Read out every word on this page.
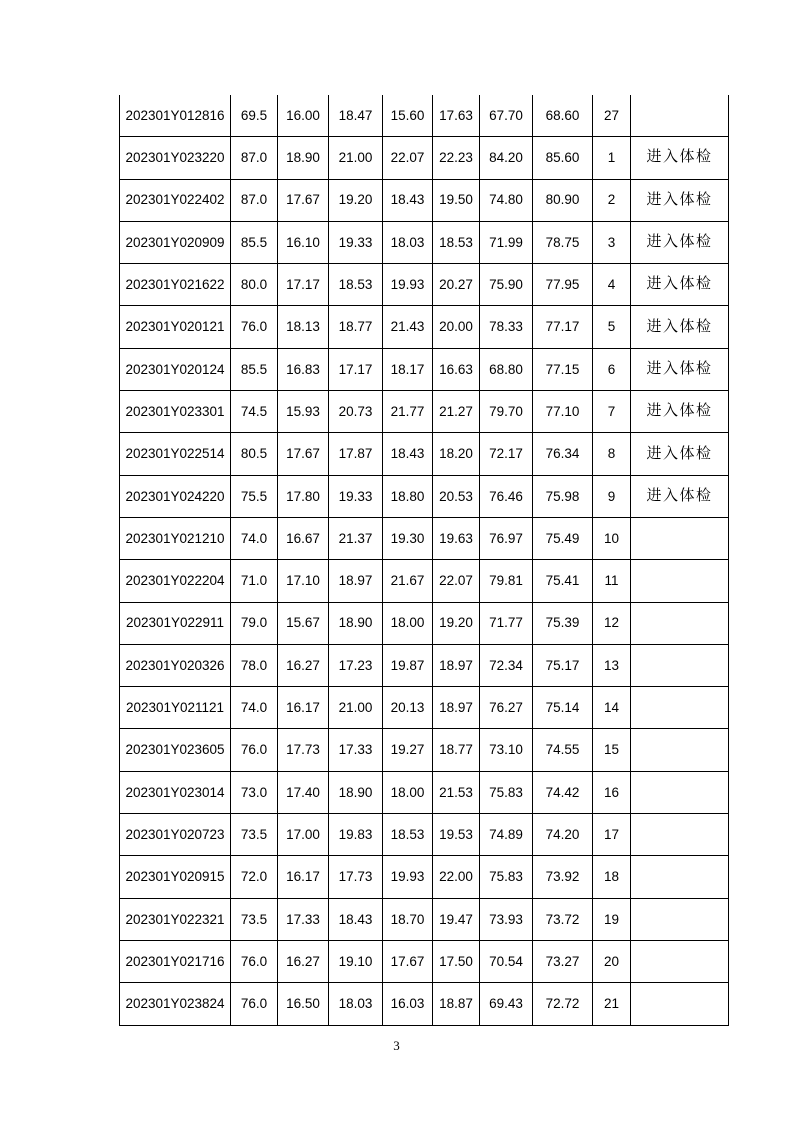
202301Y012816	69.5	16.00	18.47	15.60	17.63	67.70	68.60	27	
202301Y023220	87.0	18.90	21.00	22.07	22.23	84.20	85.60	1	进入体检
202301Y022402	87.0	17.67	19.20	18.43	19.50	74.80	80.90	2	进入体检
202301Y020909	85.5	16.10	19.33	18.03	18.53	71.99	78.75	3	进入体检
202301Y021622	80.0	17.17	18.53	19.93	20.27	75.90	77.95	4	进入体检
202301Y020121	76.0	18.13	18.77	21.43	20.00	78.33	77.17	5	进入体检
202301Y020124	85.5	16.83	17.17	18.17	16.63	68.80	77.15	6	进入体检
202301Y023301	74.5	15.93	20.73	21.77	21.27	79.70	77.10	7	进入体检
202301Y022514	80.5	17.67	17.87	18.43	18.20	72.17	76.34	8	进入体检
202301Y024220	75.5	17.80	19.33	18.80	20.53	76.46	75.98	9	进入体检
202301Y021210	74.0	16.67	21.37	19.30	19.63	76.97	75.49	10	
202301Y022204	71.0	17.10	18.97	21.67	22.07	79.81	75.41	11	
202301Y022911	79.0	15.67	18.90	18.00	19.20	71.77	75.39	12	
202301Y020326	78.0	16.27	17.23	19.87	18.97	72.34	75.17	13	
202301Y021121	74.0	16.17	21.00	20.13	18.97	76.27	75.14	14	
202301Y023605	76.0	17.73	17.33	19.27	18.77	73.10	74.55	15	
202301Y023014	73.0	17.40	18.90	18.00	21.53	75.83	74.42	16	
202301Y020723	73.5	17.00	19.83	18.53	19.53	74.89	74.20	17	
202301Y020915	72.0	16.17	17.73	19.93	22.00	75.83	73.92	18	
202301Y022321	73.5	17.33	18.43	18.70	19.47	73.93	73.72	19	
202301Y021716	76.0	16.27	19.10	17.67	17.50	70.54	73.27	20	
202301Y023824	76.0	16.50	18.03	16.03	18.87	69.43	72.72	21	
3
